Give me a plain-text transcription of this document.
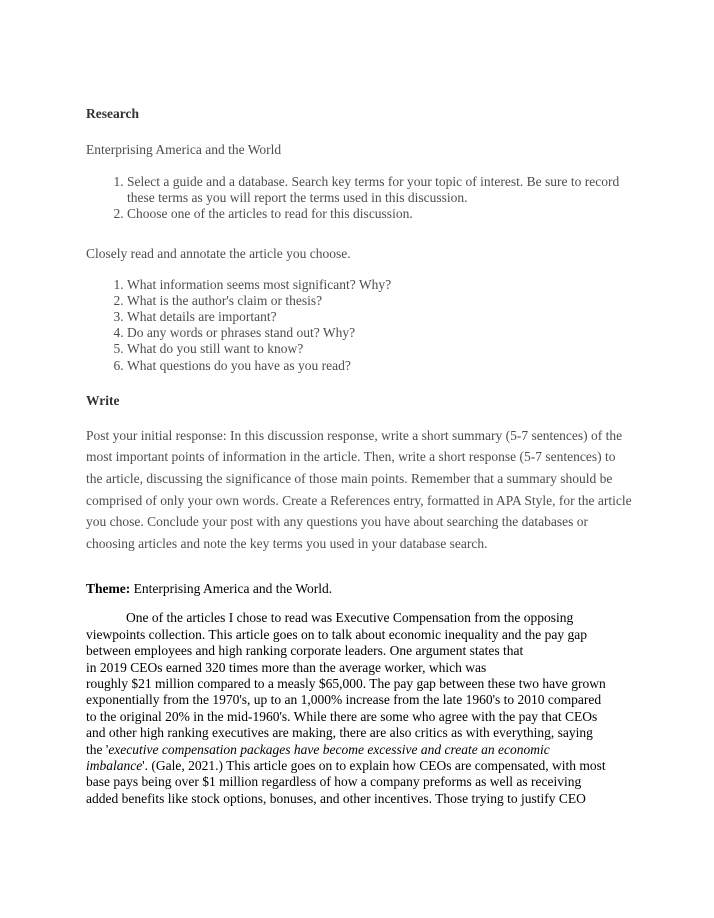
Research

Enterprising America and the World

1. Select a guide and a database. Search key terms for your topic of interest. Be sure to record these terms as you will report the terms used in this discussion.
2. Choose one of the articles to read for this discussion.

Closely read and annotate the article you choose.

1. What information seems most significant? Why?
2. What is the author's claim or thesis?
3. What details are important?
4. Do any words or phrases stand out? Why?
5. What do you still want to know?
6. What questions do you have as you read?

Write

Post your initial response: In this discussion response, write a short summary (5-7 sentences) of the most important points of information in the article. Then, write a short response (5-7 sentences) to the article, discussing the significance of those main points. Remember that a summary should be comprised of only your own words. Create a References entry, formatted in APA Style, for the article you chose. Conclude your post with any questions you have about searching the databases or choosing articles and note the key terms you used in your database search.

Theme: Enterprising America and the World.

One of the articles I chose to read was Executive Compensation from the opposing
viewpoints collection. This article goes on to talk about economic inequality and the pay gap
between employees and high ranking corporate leaders. One argument states that
in 2019 CEOs earned 320 times more than the average worker, which was
roughly $21 million compared to a measly $65,000. The pay gap between these two have grown
exponentially from the 1970's, up to an 1,000% increase from the late 1960's to 2010 compared
to the original 20% in the mid-1960's. While there are some who agree with the pay that CEOs
and other high ranking executives are making, there are also critics as with everything, saying
the 'executive compensation packages have become excessive and create an economic
imbalance'. (Gale, 2021.) This article goes on to explain how CEOs are compensated, with most
base pays being over $1 million regardless of how a company preforms as well as receiving
added benefits like stock options, bonuses, and other incentives. Those trying to justify CEO
